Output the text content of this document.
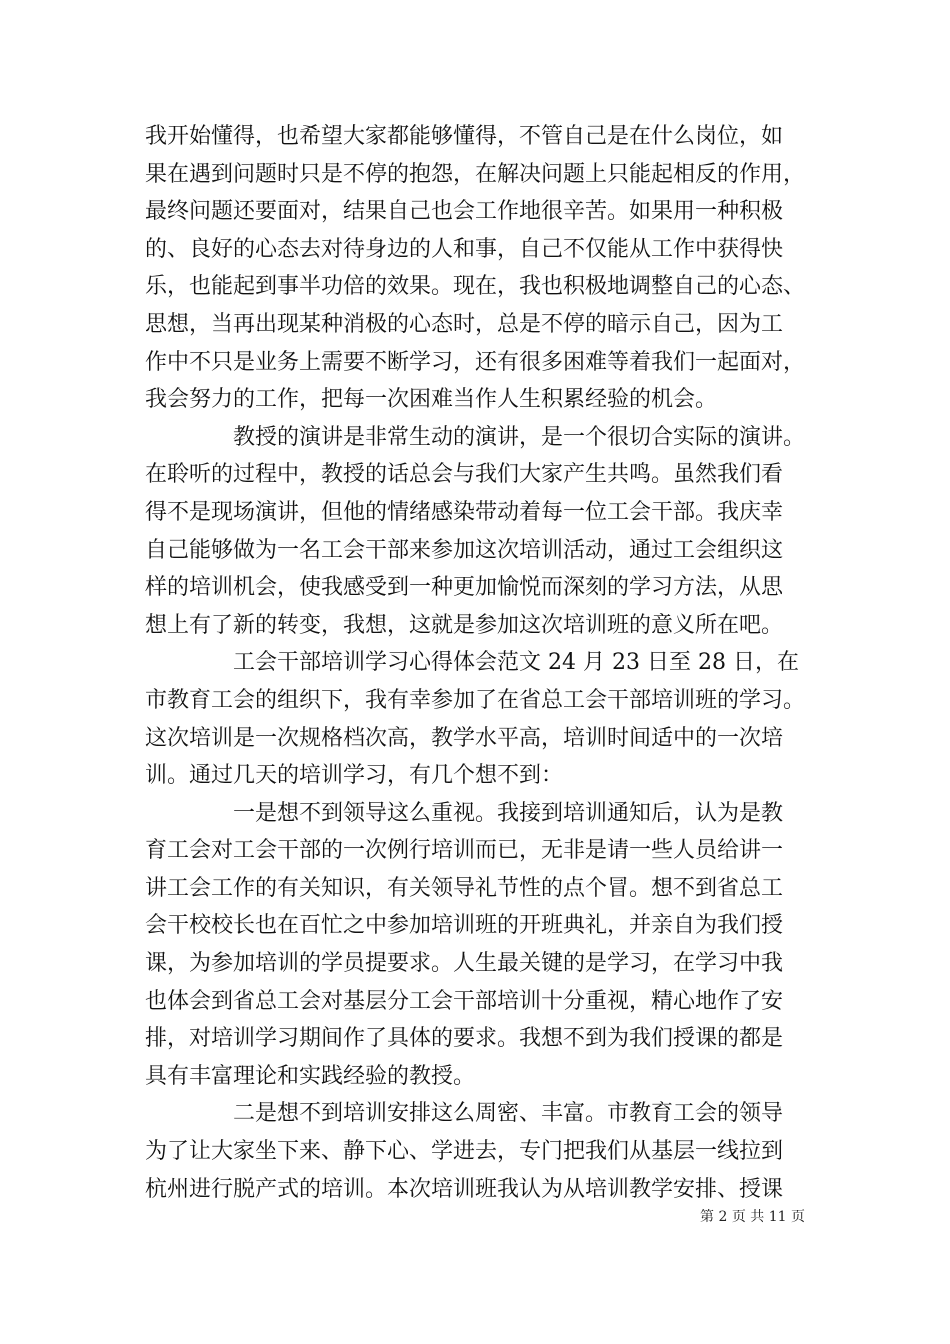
我开始懂得，也希望大家都能够懂得，不管自己是在什么岗位，如
果在遇到问题时只是不停的抱怨，在解决问题上只能起相反的作用，
最终问题还要面对，结果自己也会工作地很辛苦。如果用一种积极
的、良好的心态去对待身边的人和事，自己不仅能从工作中获得快
乐，也能起到事半功倍的效果。现在，我也积极地调整自己的心态、
思想，当再出现某种消极的心态时，总是不停的暗示自己，因为工
作中不只是业务上需要不断学习，还有很多困难等着我们一起面对，
我会努力的工作，把每一次困难当作人生积累经验的机会。
　　　　教授的演讲是非常生动的演讲，是一个很切合实际的演讲。
在聆听的过程中，教授的话总会与我们大家产生共鸣。虽然我们看
得不是现场演讲，但他的情绪感染带动着每一位工会干部。我庆幸
自己能够做为一名工会干部来参加这次培训活动，通过工会组织这
样的培训机会，使我感受到一种更加愉悦而深刻的学习方法，从思
想上有了新的转变，我想，这就是参加这次培训班的意义所在吧。
　　　　工会干部培训学习心得体会范文 24 月 23 日至 28 日，在
市教育工会的组织下，我有幸参加了在省总工会干部培训班的学习。
这次培训是一次规格档次高，教学水平高，培训时间适中的一次培
训。通过几天的培训学习，有几个想不到：
　　　　一是想不到领导这么重视。我接到培训通知后，认为是教
育工会对工会干部的一次例行培训而已，无非是请一些人员给讲一
讲工会工作的有关知识，有关领导礼节性的点个冒。想不到省总工
会干校校长也在百忙之中参加培训班的开班典礼，并亲自为我们授
课，为参加培训的学员提要求。人生最关键的是学习，在学习中我
也体会到省总工会对基层分工会干部培训十分重视，精心地作了安
排，对培训学习期间作了具体的要求。我想不到为我们授课的都是
具有丰富理论和实践经验的教授。
　　　　二是想不到培训安排这么周密、丰富。市教育工会的领导
为了让大家坐下来、静下心、学进去，专门把我们从基层一线拉到
杭州进行脱产式的培训。本次培训班我认为从培训教学安排、授课
第 2 页 共 11 页
